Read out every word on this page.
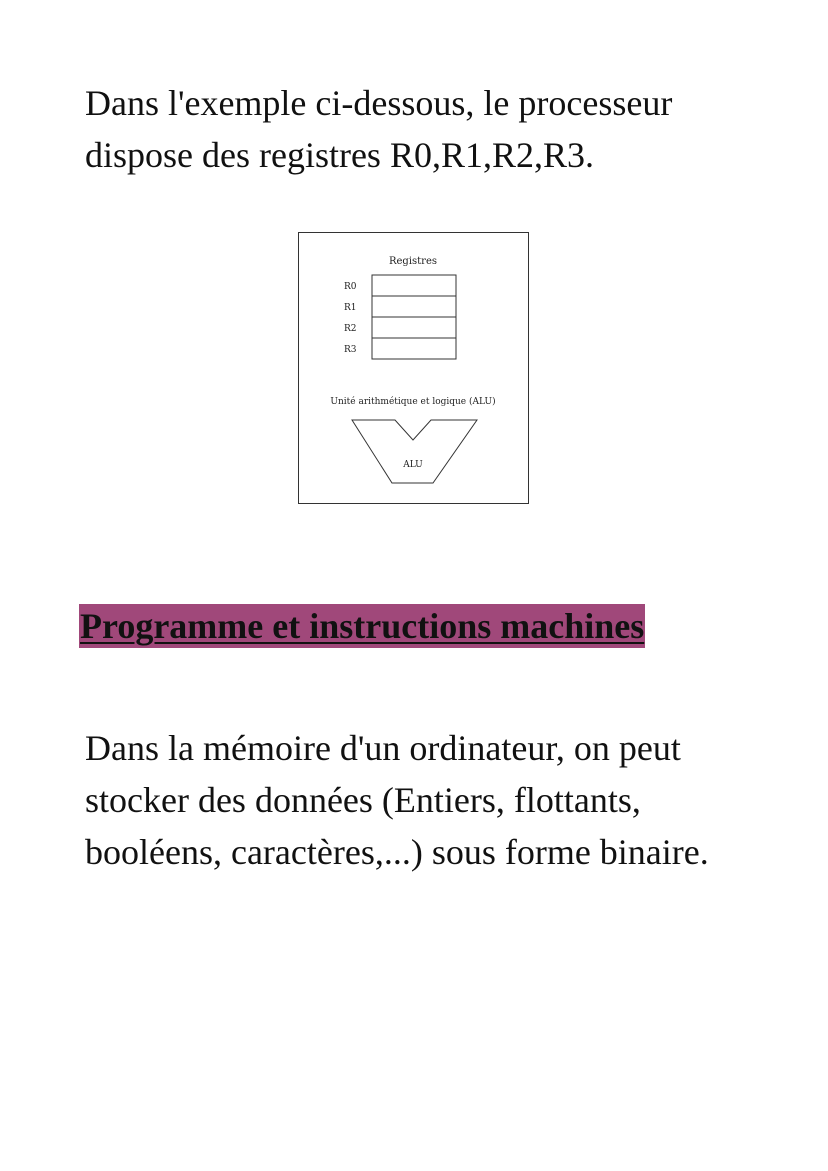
Dans l'exemple ci-dessous, le processeur dispose des registres R0,R1,R2,R3.

Registres
R0
R1
R2
R3
Unité arithmétique et logique (ALU)
ALU
Programme et instructions machines

Dans la mémoire d'un ordinateur, on peut stocker des données (Entiers, flottants, booléens, caractères,...) sous forme binaire.
